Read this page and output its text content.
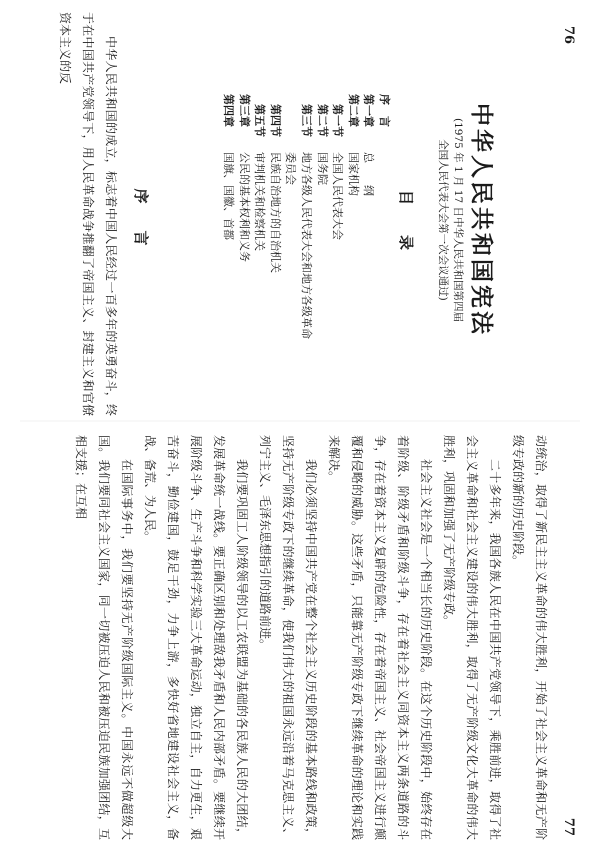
76
中华人民共和国宪法
(1975 年 1 月 17 日中华人民共和国第四届
全国人民代表大会第一次会议通过)
目　　录
序　言
第一章
总　　纲
第二章
国家机构
第一节
全国人民代表大会
第二节
国务院
第三节
地方各级人民代表大会和地方各级革命
委员会
第四节
民族自治地方的自治机关
第五节
审判机关和检察机关
第三章
公民的基本权利和义务
第四章
国旗、国徽、首都
序　言

中华人民共和国的成立，标志着中国人民经过一百多年的英勇奋斗，终于在中国共产党领导下，用人民革命战争推翻了帝国主义、封建主义和官僚资本主义的反

77

动统治，取得了新民主主义革命的伟大胜利，开始了社会主义革命和无产阶级专政的新的历史阶段。

二十多年来，我国各族人民在中国共产党领导下，乘胜前进，取得了社会主义革命和社会主义建设的伟大胜利，取得了无产阶级文化大革命的伟大胜利，巩固和加强了无产阶级专政。

社会主义社会是一个相当长的历史阶段。在这个历史阶段中，始终存在着阶级、阶级矛盾和阶级斗争，存在着社会主义同资本主义两条道路的斗争，存在着资本主义复辟的危险性，存在着帝国主义、社会帝国主义进行颠覆和侵略的威胁。这些矛盾，只能靠无产阶级专政下继续革命的理论和实践来解决。

我们必须坚持中国共产党在整个社会主义历史阶段的基本路线和政策，坚持无产阶级专政下的继续革命，使我们伟大的祖国永远沿着马克思主义、列宁主义、毛泽东思想指引的道路前进。

我们要巩固工人阶级领导的以工农联盟为基础的各民族人民的大团结，发展革命统一战线。要正确区别和处理敌我矛盾和人民内部矛盾。要继续开展阶级斗争、生产斗争和科学实验三大革命运动，独立自主，自力更生，艰苦奋斗，勤俭建国，鼓足干劲，力争上游，多快好省地建设社会主义，备战、备荒、为人民。

在国际事务中，我们要坚持无产阶级国际主义。中国永远不做超级大国。我们要同社会主义国家，同一切被压迫人民和被压迫民族加强团结，互相支援；在互相
